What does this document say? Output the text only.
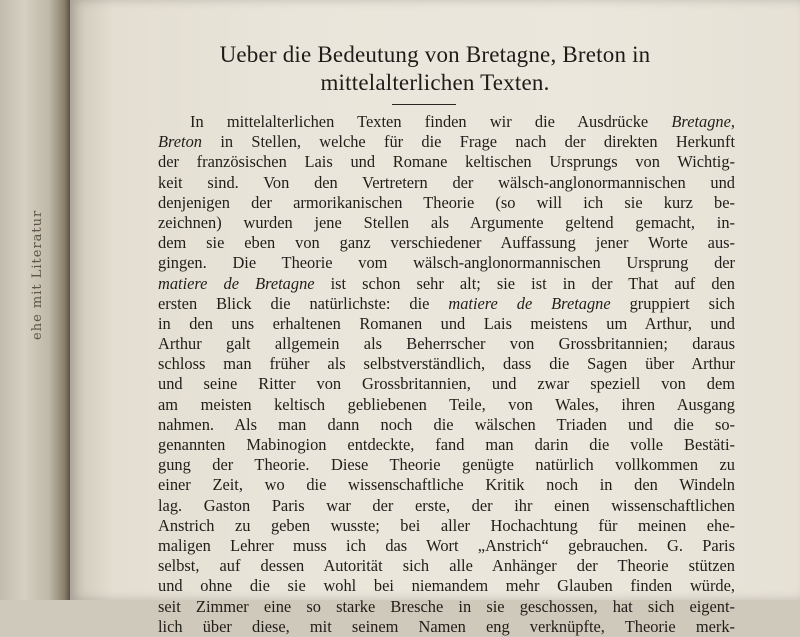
ehe mit Literatur
Ueber die Bedeutung von Bretagne, Breton in
mittelalterlichen Texten.
In mittelalterlichen Texten finden wir die Ausdrücke Bretagne,
Breton in Stellen, welche für die Frage nach der direkten Herkunft
der französischen Lais und Romane keltischen Ursprungs von Wichtig-
keit sind. Von den Vertretern der wälsch-anglonormannischen und
denjenigen der armorikanischen Theorie (so will ich sie kurz be-
zeichnen) wurden jene Stellen als Argumente geltend gemacht, in-
dem sie eben von ganz verschiedener Auffassung jener Worte aus-
gingen. Die Theorie vom wälsch-anglonormannischen Ursprung der
matiere de Bretagne ist schon sehr alt; sie ist in der That auf den
ersten Blick die natürlichste: die matiere de Bretagne gruppiert sich
in den uns erhaltenen Romanen und Lais meistens um Arthur, und
Arthur galt allgemein als Beherrscher von Grossbritannien; daraus
schloss man früher als selbstverständlich, dass die Sagen über Arthur
und seine Ritter von Grossbritannien, und zwar speziell von dem
am meisten keltisch gebliebenen Teile, von Wales, ihren Ausgang
nahmen. Als man dann noch die wälschen Triaden und die so-
genannten Mabinogion entdeckte, fand man darin die volle Bestäti-
gung der Theorie. Diese Theorie genügte natürlich vollkommen zu
einer Zeit, wo die wissenschaftliche Kritik noch in den Windeln
lag. Gaston Paris war der erste, der ihr einen wissenschaftlichen
Anstrich zu geben wusste; bei aller Hochachtung für meinen ehe-
maligen Lehrer muss ich das Wort „Anstrich“ gebrauchen. G. Paris
selbst, auf dessen Autorität sich alle Anhänger der Theorie stützen
und ohne die sie wohl bei niemandem mehr Glauben finden würde,
seit Zimmer eine so starke Bresche in sie geschossen, hat sich eigent-
lich über diese, mit seinem Namen eng verknüpfte, Theorie merk-
